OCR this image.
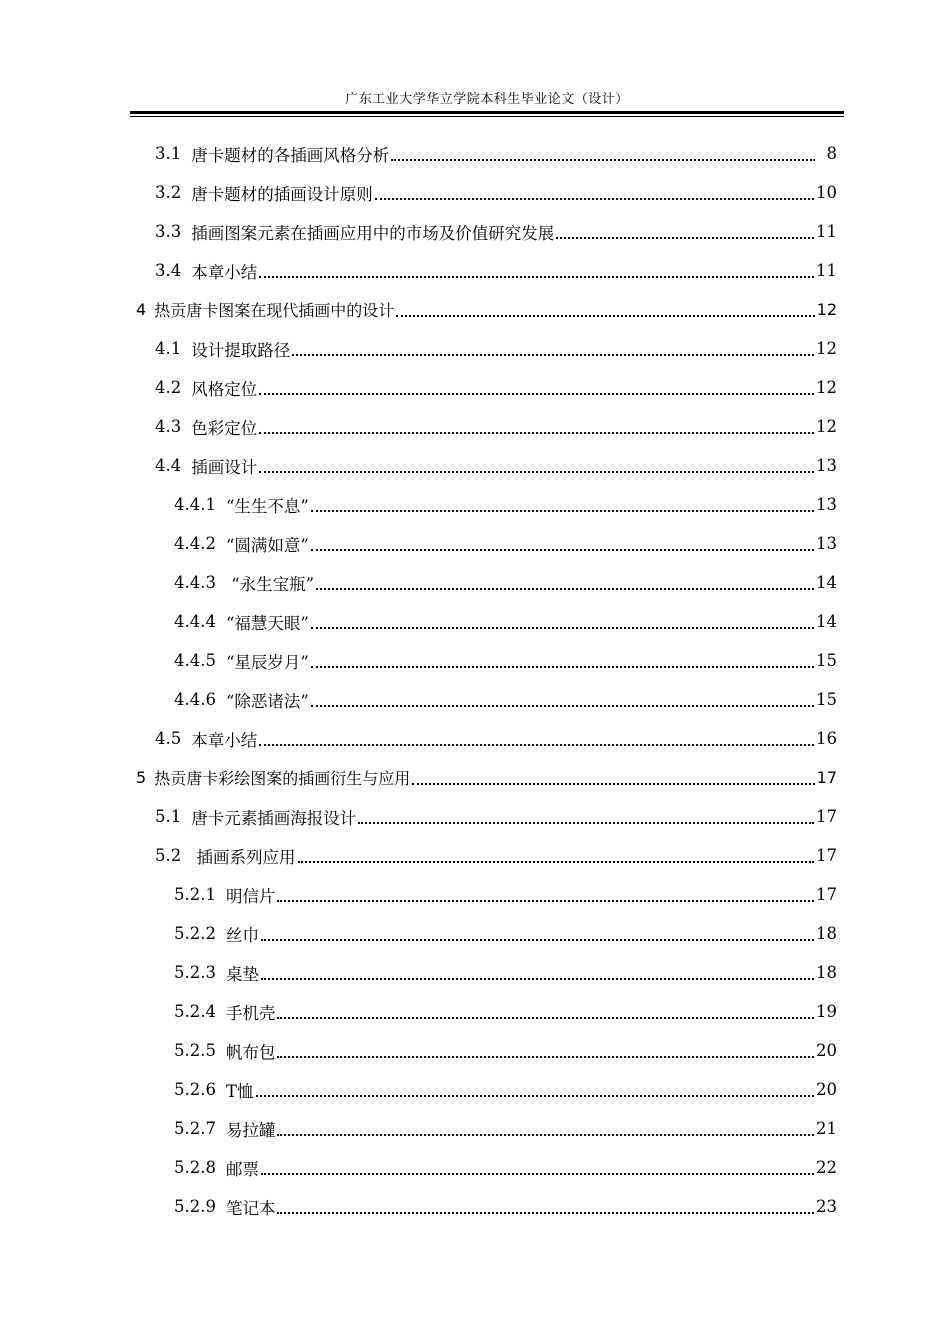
广东工业大学华立学院本科生毕业论文（设计）
3.1 唐卡题材的各插画风格分析	8
3.2 唐卡题材的插画设计原则	10
3.3 插画图案元素在插画应用中的市场及价值研究发展	11
3.4 本章小结	11
4 热贡唐卡图案在现代插画中的设计	12
4.1 设计提取路径	12
4.2 风格定位	12
4.3 色彩定位	12
4.4 插画设计	13
4.4.1 “生生不息”	13
4.4.2 “圆满如意”	13
4.4.3 “永生宝瓶”	14
4.4.4 “福慧天眼”	14
4.4.5 “星辰岁月”	15
4.4.6 “除恶诸法”	15
4.5 本章小结	16
5 热贡唐卡彩绘图案的插画衍生与应用	17
5.1 唐卡元素插画海报设计	17
5.2 插画系列应用	17
5.2.1 明信片	17
5.2.2 丝巾	18
5.2.3 桌垫	18
5.2.4 手机壳	19
5.2.5 帆布包	20
5.2.6 T恤	20
5.2.7 易拉罐	21
5.2.8 邮票	22
5.2.9 笔记本	23
